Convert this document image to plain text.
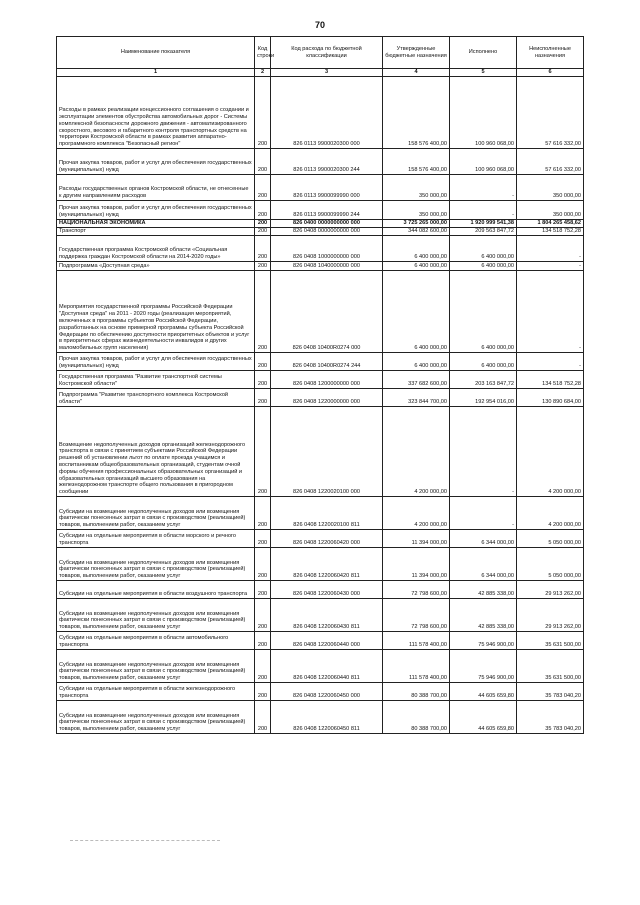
70
Наименование показателя	Код строки	Код расхода по бюджетной классификации	Утвержденные бюджетные назначения	Исполнено	Неисполненные назначения
1	2	3	4	5	6
Расходы в рамках реализации концессионного соглашения о создании и эксплуатации элементов обустройства автомобильных дорог - Системы комплексной безопасности дорожного движения - автоматизированного скоростного, весового и габаритного контроля транспортных средств на территории Костромской области в рамках развития аппаратно-программного комплекса "Безопасный регион"	200	826 0113 9900020300 000	158 576 400,00	100 960 068,00	57 616 332,00
Прочая закупка товаров, работ и услуг для обеспечения государственных (муниципальных) нужд	200	826 0113 9900020300 244	158 576 400,00	100 960 068,00	57 616 332,00
Расходы государственных органов Костромской области, не отнесенные к другим направлениям расходов	200	826 0113 9900099990 000	350 000,00	-	350 000,00
Прочая закупка товаров, работ и услуг для обеспечения государственных (муниципальных) нужд	200	826 0113 9900099990 244	350 000,00	-	350 000,00
НАЦИОНАЛЬНАЯ ЭКОНОМИКА	200	826 0400 0000000000 000	3 725 265 000,00	1 920 999 541,38	1 804 265 458,62
Транспорт	200	826 0408 0000000000 000	344 082 600,00	209 563 847,72	134 518 752,28
Государственная программа Костромской области «Социальная поддержка граждан Костромской области на 2014-2020 годы»	200	826 0408 1000000000 000	6 400 000,00	6 400 000,00	-
Подпрограмма «Доступная среда»	200	826 0408 1040000000 000	6 400 000,00	6 400 000,00	-
Мероприятия государственной программы Российской Федерации "Доступная среда" на 2011 - 2020 годы (реализация мероприятий, включенных в программы субъектов Российской Федерации, разработанных на основе примерной программы субъекта Российской Федерации по обеспечению доступности приоритетных объектов и услуг в приоритетных сферах жизнедеятельности инвалидов и других маломобильных групп населения)	200	826 0408 10400R0274 000	6 400 000,00	6 400 000,00	-
Прочая закупка товаров, работ и услуг для обеспечения государственных (муниципальных) нужд	200	826 0408 10400R0274 244	6 400 000,00	6 400 000,00	-
Государственная программа "Развитие транспортной системы Костромской области"	200	826 0408 1200000000 000	337 682 600,00	203 163 847,72	134 518 752,28
Подпрограмма "Развитие транспортного комплекса Костромской области"	200	826 0408 1220000000 000	323 844 700,00	192 954 016,00	130 890 684,00
Возмещение недополученных доходов организаций железнодорожного транспорта в связи с принятием субъектами Российской Федерации решений об установлении льгот по оплате проезда учащимся и воспитанникам общеобразовательных организаций, студентам очной формы обучения профессиональных образовательных организаций и образовательных организаций высшего образования на железнодорожном транспорте общего пользования в пригородном сообщении	200	826 0408 1220020100 000	4 200 000,00	-	4 200 000,00
Субсидии на возмещение недополученных доходов или возмещения фактически понесенных затрат в связи с производством (реализацией) товаров, выполнением работ, оказанием услуг	200	826 0408 1220020100 811	4 200 000,00	-	4 200 000,00
Субсидии на отдельные мероприятия в области морского и речного транспорта	200	826 0408 1220060420 000	11 394 000,00	6 344 000,00	5 050 000,00
Субсидии на возмещение недополученных доходов или возмещения фактически понесенных затрат в связи с производством (реализацией) товаров, выполнением работ, оказанием услуг	200	826 0408 1220060420 811	11 394 000,00	6 344 000,00	5 050 000,00
Субсидии на отдельные мероприятия в области воздушного транспорта	200	826 0408 1220060430 000	72 798 600,00	42 885 338,00	29 913 262,00
Субсидии на возмещение недополученных доходов или возмещения фактически понесенных затрат в связи с производством (реализацией) товаров, выполнением работ, оказанием услуг	200	826 0408 1220060430 811	72 798 600,00	42 885 338,00	29 913 262,00
Субсидии на отдельные мероприятия в области автомобильного транспорта	200	826 0408 1220060440 000	111 578 400,00	75 946 900,00	35 631 500,00
Субсидии на возмещение недополученных доходов или возмещения фактически понесенных затрат в связи с производством (реализацией) товаров, выполнением работ, оказанием услуг	200	826 0408 1220060440 811	111 578 400,00	75 946 900,00	35 631 500,00
Субсидии на отдельные мероприятия в области железнодорожного транспорта	200	826 0408 1220060450 000	80 388 700,00	44 605 659,80	35 783 040,20
Субсидии на возмещение недополученных доходов или возмещения фактически понесенных затрат в связи с производством (реализацией) товаров, выполнением работ, оказанием услуг	200	826 0408 1220060450 811	80 388 700,00	44 605 659,80	35 783 040,20
